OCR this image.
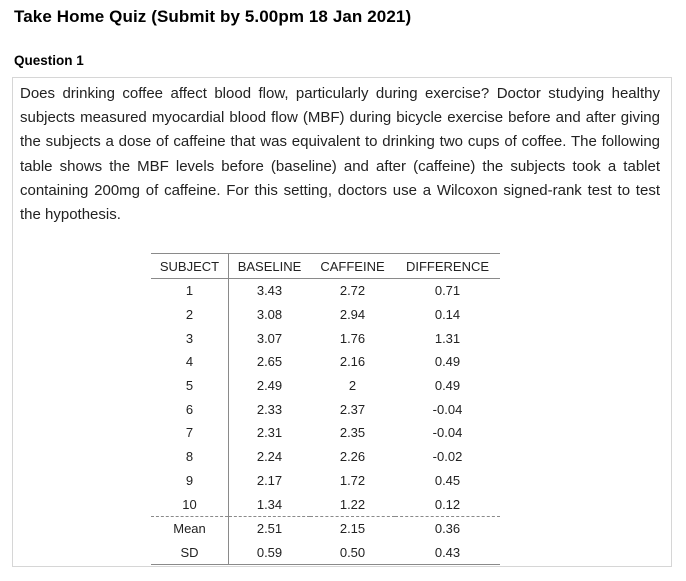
Take Home Quiz (Submit by 5.00pm 18 Jan 2021)
Question 1
Does drinking coffee affect blood flow, particularly during exercise? Doctor studying healthy subjects measured myocardial blood flow (MBF) during bicycle exercise before and after giving the subjects a dose of caffeine that was equivalent to drinking two cups of coffee. The following table shows the MBF levels before (baseline) and after (caffeine) the subjects took a tablet containing 200mg of caffeine. For this setting, doctors use a Wilcoxon signed-rank test to test the hypothesis.
SUBJECT	BASELINE	CAFFEINE	DIFFERENCE
1	3.43	2.72	0.71
2	3.08	2.94	0.14
3	3.07	1.76	1.31
4	2.65	2.16	0.49
5	2.49	2	0.49
6	2.33	2.37	-0.04
7	2.31	2.35	-0.04
8	2.24	2.26	-0.02
9	2.17	1.72	0.45
10	1.34	1.22	0.12
Mean	2.51	2.15	0.36
SD	0.59	0.50	0.43
